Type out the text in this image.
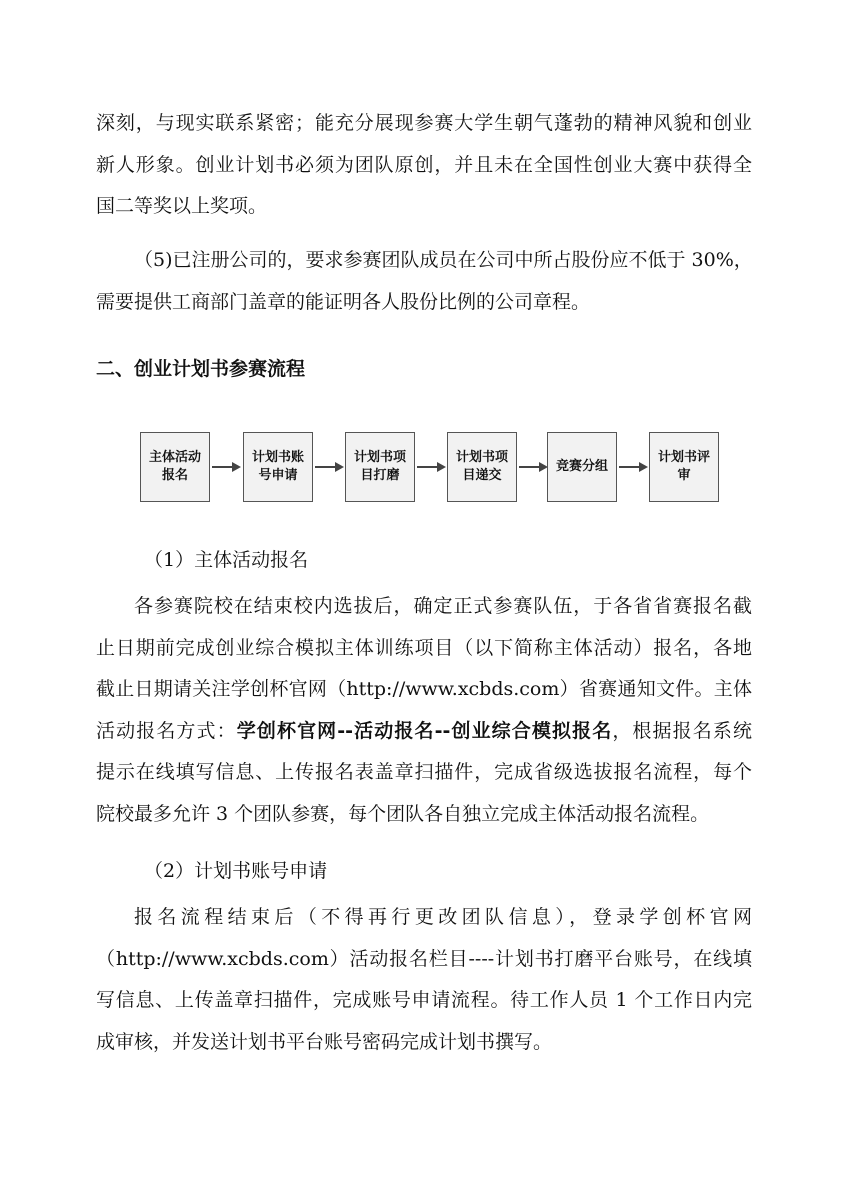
深刻，与现实联系紧密；能充分展现参赛大学生朝气蓬勃的精神风貌和创业
新人形象。创业计划书必须为团队原创，并且未在全国性创业大赛中获得全
国二等奖以上奖项。
（5)已注册公司的，要求参赛团队成员在公司中所占股份应不低于 30%，
需要提供工商部门盖章的能证明各人股份比例的公司章程。
二、创业计划书参赛流程
主体活动报名
计划书账号申请
计划书项目打磨
计划书项目递交
竞赛分组
计划书评审
（1）主体活动报名
各参赛院校在结束校内选拔后，确定正式参赛队伍，于各省省赛报名截
止日期前完成创业综合模拟主体训练项目（以下简称主体活动）报名，各地
截止日期请关注学创杯官网（http://www.xcbds.com）省赛通知文件。主体
活动报名方式：学创杯官网--活动报名--创业综合模拟报名，根据报名系统
提示在线填写信息、上传报名表盖章扫描件，完成省级选拔报名流程，每个
院校最多允许 3 个团队参赛，每个团队各自独立完成主体活动报名流程。
（2）计划书账号申请
报名流程结束后（不得再行更改团队信息），登录学创杯官网
（http://www.xcbds.com）活动报名栏目----计划书打磨平台账号，在线填
写信息、上传盖章扫描件，完成账号申请流程。待工作人员 1 个工作日内完
成审核，并发送计划书平台账号密码完成计划书撰写。
